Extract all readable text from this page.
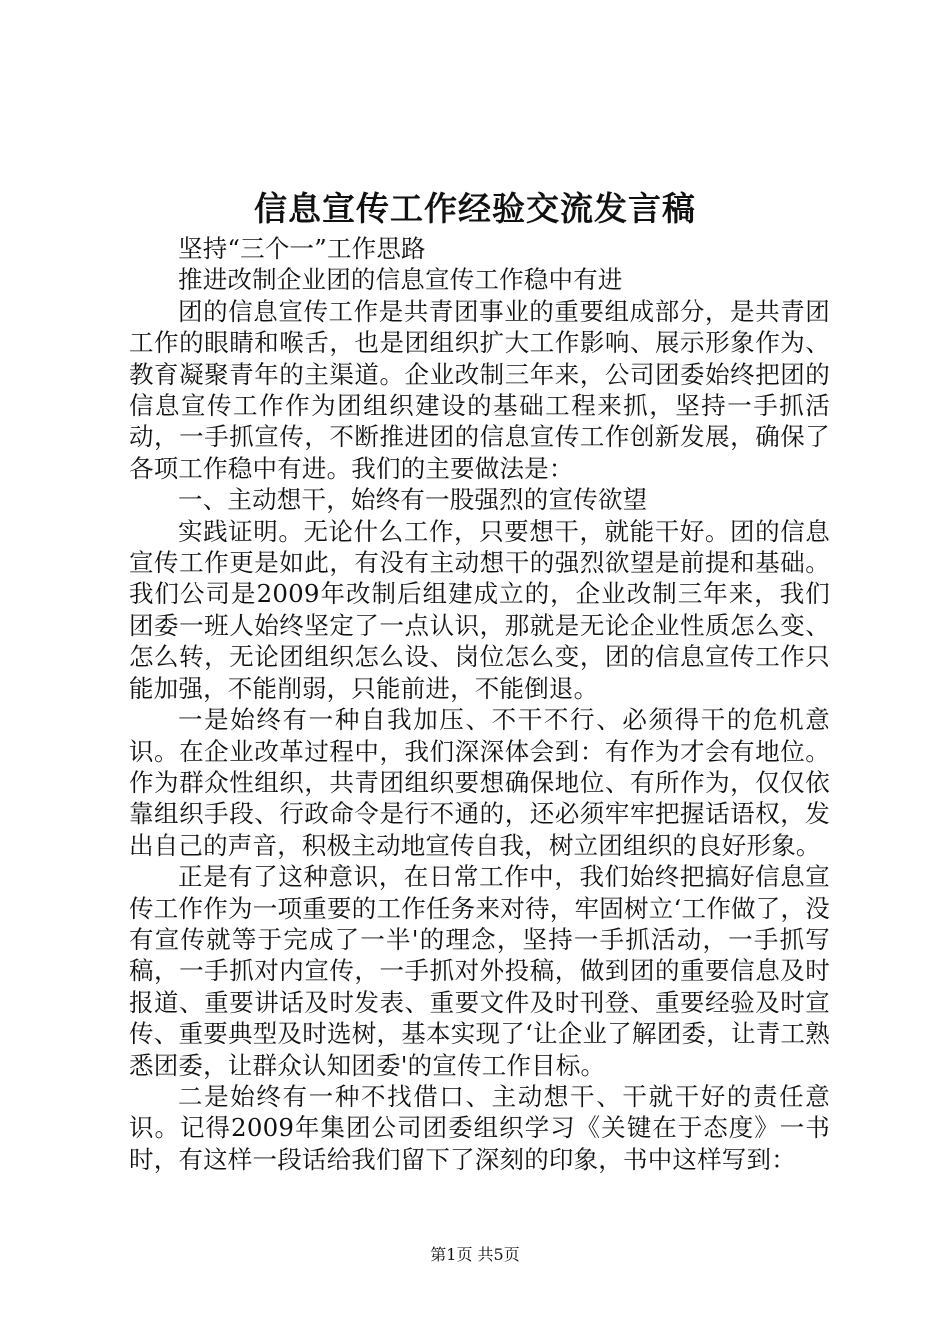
信息宣传工作经验交流发言稿

坚持“三个一”工作思路

推进改制企业团的信息宣传工作稳中有进

团的信息宣传工作是共青团事业的重要组成部分，是共青团工作的眼睛和喉舌，也是团组织扩大工作影响、展示形象作为、教育凝聚青年的主渠道。企业改制三年来，公司团委始终把团的信息宣传工作作为团组织建设的基础工程来抓，坚持一手抓活动，一手抓宣传，不断推进团的信息宣传工作创新发展，确保了各项工作稳中有进。我们的主要做法是：

一、主动想干，始终有一股强烈的宣传欲望

实践证明。无论什么工作，只要想干，就能干好。团的信息宣传工作更是如此，有没有主动想干的强烈欲望是前提和基础。我们公司是2009年改制后组建成立的，企业改制三年来，我们团委一班人始终坚定了一点认识，那就是无论企业性质怎么变、怎么转，无论团组织怎么设、岗位怎么变，团的信息宣传工作只能加强，不能削弱，只能前进，不能倒退。

一是始终有一种自我加压、不干不行、必须得干的危机意识。在企业改革过程中，我们深深体会到：有作为才会有地位。作为群众性组织，共青团组织要想确保地位、有所作为，仅仅依靠组织手段、行政命令是行不通的，还必须牢牢把握话语权，发出自己的声音，积极主动地宣传自我，树立团组织的良好形象。

正是有了这种意识，在日常工作中，我们始终把搞好信息宣传工作作为一项重要的工作任务来对待，牢固树立‘工作做了，没有宣传就等于完成了一半'的理念，坚持一手抓活动，一手抓写稿，一手抓对内宣传，一手抓对外投稿，做到团的重要信息及时报道、重要讲话及时发表、重要文件及时刊登、重要经验及时宣传、重要典型及时选树，基本实现了‘让企业了解团委，让青工熟悉团委，让群众认知团委'的宣传工作目标。

二是始终有一种不找借口、主动想干、干就干好的责任意识。记得2009年集团公司团委组织学习《关键在于态度》一书时，有这样一段话给我们留下了深刻的印象，书中这样写到：

第1页 共5页
